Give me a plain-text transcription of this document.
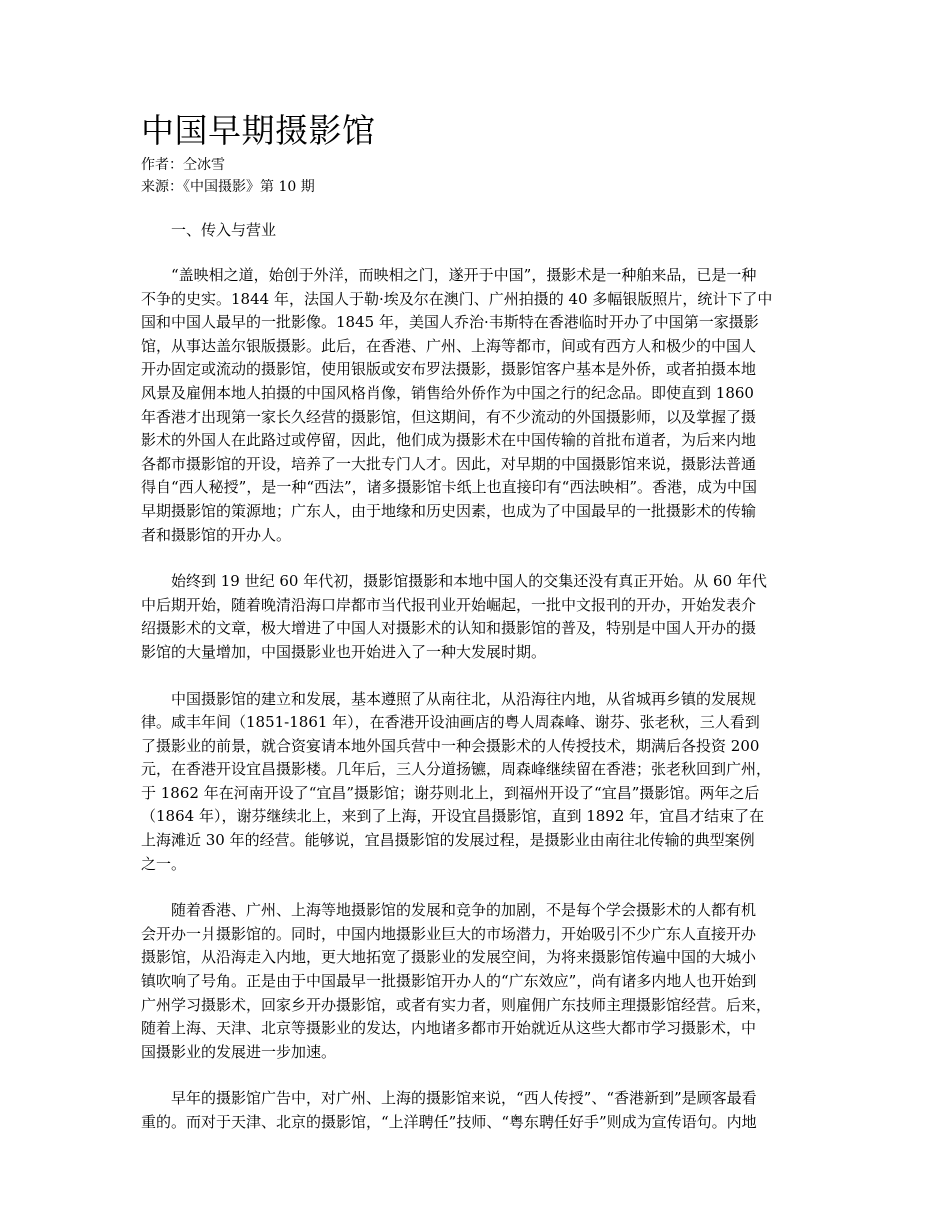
中国早期摄影馆
作者：仝冰雪
来源：《中国摄影》第 10 期
一、传入与营业
“盖映相之道，始创于外洋，而映相之门，遂开于中国”，摄影术是一种舶来品，已是一种
不争的史实。1844 年，法国人于勒·埃及尔在澳门、广州拍摄的 40 多幅银版照片，统计下了中
国和中国人最早的一批影像。1845 年，美国人乔治·韦斯特在香港临时开办了中国第一家摄影
馆，从事达盖尔银版摄影。此后，在香港、广州、上海等都市，间或有西方人和极少的中国人
开办固定或流动的摄影馆，使用银版或安布罗法摄影，摄影馆客户基本是外侨，或者拍摄本地
风景及雇佣本地人拍摄的中国风格肖像，销售给外侨作为中国之行的纪念品。即使直到 1860
年香港才出现第一家长久经营的摄影馆，但这期间，有不少流动的外国摄影师，以及掌握了摄
影术的外国人在此路过或停留，因此，他们成为摄影术在中国传输的首批布道者，为后来内地
各都市摄影馆的开设，培养了一大批专门人才。因此，对早期的中国摄影馆来说，摄影法普通
得自“西人秘授”，是一种“西法”，诸多摄影馆卡纸上也直接印有“西法映相”。香港，成为中国
早期摄影馆的策源地；广东人，由于地缘和历史因素，也成为了中国最早的一批摄影术的传输
者和摄影馆的开办人。
始终到 19 世纪 60 年代初，摄影馆摄影和本地中国人的交集还没有真正开始。从 60 年代
中后期开始，随着晚清沿海口岸都市当代报刊业开始崛起，一批中文报刊的开办，开始发表介
绍摄影术的文章，极大增进了中国人对摄影术的认知和摄影馆的普及，特别是中国人开办的摄
影馆的大量增加，中国摄影业也开始进入了一种大发展时期。
中国摄影馆的建立和发展，基本遵照了从南往北，从沿海往内地，从省城再乡镇的发展规
律。咸丰年间（1851-1861 年），在香港开设油画店的粤人周森峰、谢芬、张老秋，三人看到
了摄影业的前景，就合资宴请本地外国兵营中一种会摄影术的人传授技术，期满后各投资 200
元，在香港开设宜昌摄影楼。几年后，三人分道扬镳，周森峰继续留在香港；张老秋回到广州，
于 1862 年在河南开设了“宜昌”摄影馆；谢芬则北上，到福州开设了“宜昌”摄影馆。两年之后
（1864 年），谢芬继续北上，来到了上海，开设宜昌摄影馆，直到 1892 年，宜昌才结束了在
上海滩近 30 年的经营。能够说，宜昌摄影馆的发展过程，是摄影业由南往北传输的典型案例
之一。
随着香港、广州、上海等地摄影馆的发展和竞争的加剧，不是每个学会摄影术的人都有机
会开办一爿摄影馆的。同时，中国内地摄影业巨大的市场潜力，开始吸引不少广东人直接开办
摄影馆，从沿海走入内地，更大地拓宽了摄影业的发展空间，为将来摄影馆传遍中国的大城小
镇吹响了号角。正是由于中国最早一批摄影馆开办人的“广东效应”，尚有诸多内地人也开始到
广州学习摄影术，回家乡开办摄影馆，或者有实力者，则雇佣广东技师主理摄影馆经营。后来，
随着上海、天津、北京等摄影业的发达，内地诸多都市开始就近从这些大都市学习摄影术，中
国摄影业的发展进一步加速。
早年的摄影馆广告中，对广州、上海的摄影馆来说，“西人传授”、“香港新到”是顾客最看
重的。而对于天津、北京的摄影馆，“上洋聘任”技师、“粤东聘任好手”则成为宣传语句。内地
